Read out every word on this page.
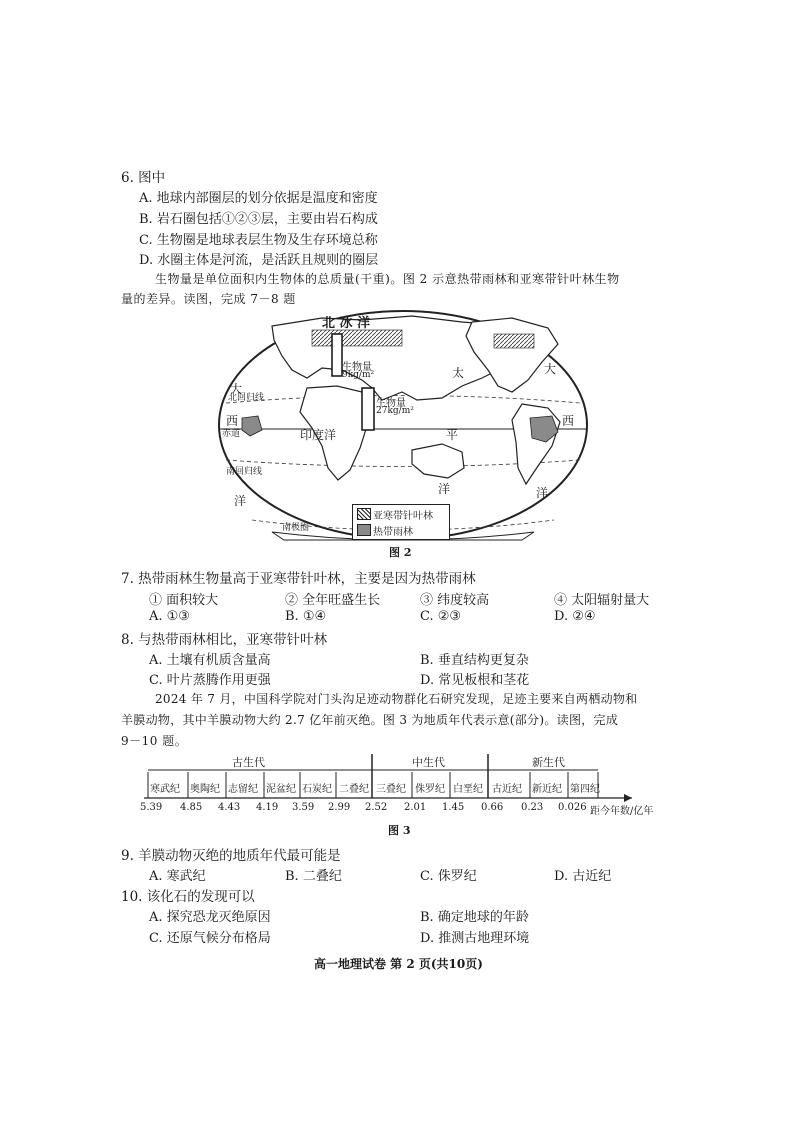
6. 图中
A. 地球内部圈层的划分依据是温度和密度
B. 岩石圈包括①②③层，主要由岩石构成
C. 生物圈是地球表层生物及生存环境总称
D. 水圈主体是河流，是活跃且规则的圈层
生物量是单位面积内生物体的总质量(干重)。图 2 示意热带雨林和亚寒带针叶林生物
量的差异。读图，完成 7－8 题
北 冰 洋
大
太	大
西	西
北回归线
赤道	印度洋
南回归线
平
洋
洋	洋
南极圈
生物量
9kg/m²
生物量
27kg/m²
亚寒带针叶林
热带雨林
图 2
7. 热带雨林生物量高于亚寒带针叶林，主要是因为热带雨林
① 面积较大	② 全年旺盛生长	③ 纬度较高	④ 太阳辐射量大
A. ①③	B. ①④	C. ②③	D. ②④
8. 与热带雨林相比，亚寒带针叶林
A. 土壤有机质含量高	B. 垂直结构更复杂
C. 叶片蒸腾作用更强	D. 常见板根和茎花
2024 年 7 月，中国科学院对门头沟足迹动物群化石研究发现，足迹主要来自两栖动物和
羊膜动物，其中羊膜动物大约 2.7 亿年前灭绝。图 3 为地质年代表示意(部分)。读图，完成
9－10 题。
古生代	中生代	新生代
寒武纪 奥陶纪 志留纪 泥盆纪 石炭纪 二叠纪 三叠纪 侏罗纪 白垩纪 古近纪 新近纪 第四纪
5.39 4.85 4.43 4.19 3.59 2.99 2.52 2.01 1.45 0.66 0.23 0.026 距今年数/亿年
图 3
9. 羊膜动物灭绝的地质年代最可能是
A. 寒武纪	B. 二叠纪	C. 侏罗纪	D. 古近纪
10. 该化石的发现可以
A. 探究恐龙灭绝原因	B. 确定地球的年龄
C. 还原气候分布格局	D. 推测古地理环境
高一地理试卷 第 2 页(共10页)
